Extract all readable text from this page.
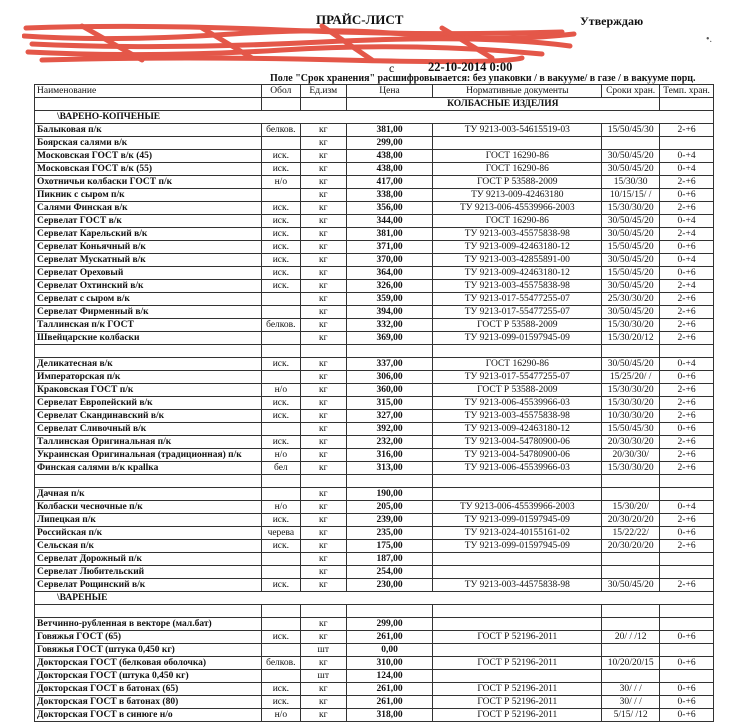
ПРАЙС-ЛИСТ	Утверждаю
•.
с	22-10-2014 0:00
Поле "Срок хранения" расшифровывается: без упаковки / в вакууме/ в газе / в вакууме порц.
Наименование	Обол	Ед.изм	Цена	Нормативные документы	Сроки хран.	Темп. хран.
			КОЛБАСНЫЕ ИЗДЕЛИЯ			
\ВАРЕНО-КОПЧЕНЫЕ						
Балыковая п/к	белков.	кг	381,00	ТУ 9213-003-54615519-03	15/50/45/30	2-+6
Боярская салями в/к		кг	299,00			
Московская ГОСТ в/к (45)	иск.	кг	438,00	ГОСТ 16290-86	30/50/45/20	0-+4
Московская ГОСТ в/к (55)	иск.	кг	438,00	ГОСТ 16290-86	30/50/45/20	0-+4
Охотничьи колбаски ГОСТ п/к	н/о	кг	417,00	ГОСТ Р 53588-2009	15/30/30	2-+6
Пикник с сыром п/к		кг	338,00	ТУ 9213-009-42463180	10/15/15/ /	0-+6
Салями Финская в/к	иск.	кг	356,00	ТУ 9213-006-45539966-2003	15/30/30/20	2-+6
Сервелат ГОСТ в/к	иск.	кг	344,00	ГОСТ 16290-86	30/50/45/20	0-+4
Сервелат Карельский в/к	иск.	кг	381,00	ТУ 9213-003-45575838-98	30/50/45/20	2-+4
Сервелат Коньячный в/к	иск.	кг	371,00	ТУ 9213-009-42463180-12	15/50/45/20	0-+6
Сервелат Мускатный в/к	иск.	кг	370,00	ТУ 9213-003-42855891-00	30/50/45/20	0-+4
Сервелат Ореховый	иск.	кг	364,00	ТУ 9213-009-42463180-12	15/50/45/20	0-+6
Сервелат Охтинский в/к	иск.	кг	326,00	ТУ 9213-003-45575838-98	30/50/45/20	2-+4
Сервелат с сыром в/к		кг	359,00	ТУ 9213-017-55477255-07	25/30/30/20	2-+6
Сервелат Фирменный в/к		кг	394,00	ТУ 9213-017-55477255-07	30/50/45/20	2-+6
Таллинская п/к ГОСТ	белков.	кг	332,00	ГОСТ Р 53588-2009	15/30/30/20	2-+6
Швейцарские колбаски		кг	369,00	ТУ 9213-099-01597945-09	15/30/20/12	2-+6

Деликатесная в/к	иск.	кг	337,00	ГОСТ 16290-86	30/50/45/20	0-+4
Императорская п/к		кг	306,00	ТУ 9213-017-55477255-07	15/25/20/ /	0-+6
Краковская ГОСТ п/к	н/о	кг	360,00	ГОСТ Р 53588-2009	15/30/30/20	2-+6
Сервелат Европейский в/к	иск.	кг	315,00	ТУ 9213-006-45539966-03	15/30/30/20	2-+6
Сервелат Скандинавский в/к	иск.	кг	327,00	ТУ 9213-003-45575838-98	10/30/30/20	2-+6
Сервелат Сливочный в/к		кг	392,00	ТУ 9213-009-42463180-12	15/50/45/30	0-+6
Таллинская Оригинальная п/к	иск.	кг	232,00	ТУ 9213-004-54780900-06	20/30/30/20	2-+6
Украинская Оригинальная (традиционная) п/к	н/о	кг	316,00	ТУ 9213-004-54780900-06	20/30/30/	2-+6
Финская салями в/к крallка	бел	кг	313,00	ТУ 9213-006-45539966-03	15/30/30/20	2-+6

Дачная п/к		кг	190,00			
Колбаски чесночные п/к	н/о	кг	205,00	ТУ 9213-006-45539966-2003	15/30/20/	0-+4
Липецкая п/к	иск.	кг	239,00	ТУ 9213-099-01597945-09	20/30/20/20	2-+6
Российская п/к	черева	кг	235,00	ТУ 9213-024-40155161-02	15/22/22/	0-+6
Сельская п/к	иск.	кг	175,00	ТУ 9213-099-01597945-09	20/30/20/20	2-+6
Сервелат Дорожный п/к		кг	187,00			
Сервелат Любительский		кг	254,00			
Сервелат Рощинский в/к	иск.	кг	230,00	ТУ 9213-003-44575838-98	30/50/45/20	2-+6
\ВАРЕНЫЕ						

Ветчинно-рубленная в векторе (мал.бат)		кг	299,00			
Говяжья ГОСТ (65)	иск.	кг	261,00	ГОСТ Р 52196-2011	20/ / /12	0-+6
Говяжья ГОСТ (штука 0,450 кг)		шт	0,00			
Докторская ГОСТ (белковая оболочка)	белков.	кг	310,00	ГОСТ Р 52196-2011	10/20/20/15	0-+6
Докторская ГОСТ (штука 0,450 кг)		шт	124,00			
Докторская ГОСТ в батонах (65)	иск.	кг	261,00	ГОСТ Р 52196-2011	30/ / /	0-+6
Докторская ГОСТ в батонах (80)	иск.	кг	261,00	ГОСТ Р 52196-2011	30/ / /	0-+6
Докторская ГОСТ в синюге н/о	н/о	кг	318,00	ГОСТ Р 52196-2011	5/15/ /12	0-+6
